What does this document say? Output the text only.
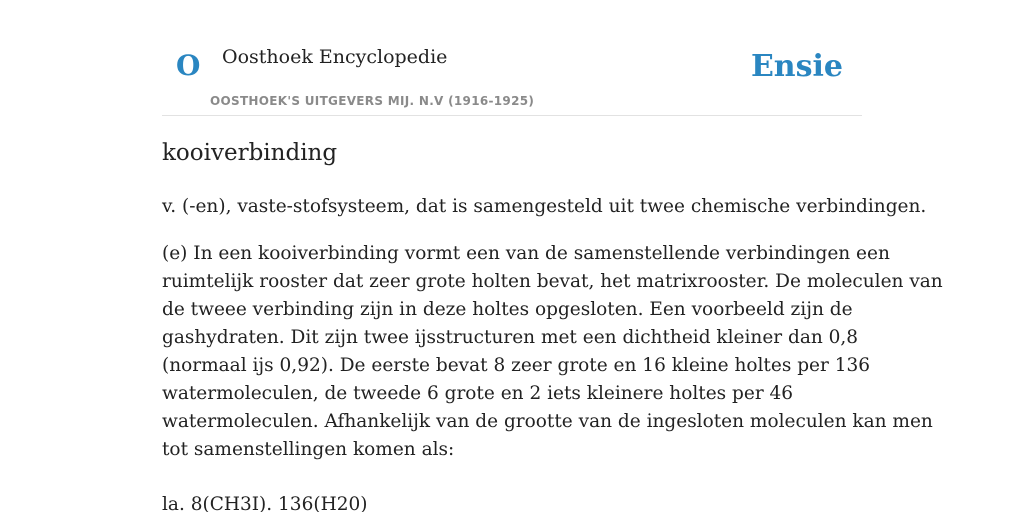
O Oosthoek Encyclopedie
OOSTHOEK'S UITGEVERS MIJ. N.V (1916-1925)
Ensie
kooiverbinding

v. (-en), vaste-stofsysteem, dat is samengesteld uit twee chemische verbindingen.

(e) In een kooiverbinding vormt een van de samenstellende verbindingen een
ruimtelijk rooster dat zeer grote holten bevat, het matrixrooster. De moleculen van
de tweee verbinding zijn in deze holtes opgesloten. Een voorbeeld zijn de
gashydraten. Dit zijn twee ijsstructuren met een dichtheid kleiner dan 0,8
(normaal ijs 0,92). De eerste bevat 8 zeer grote en 16 kleine holtes per 136
watermoleculen, de tweede 6 grote en 2 iets kleinere holtes per 46
watermoleculen. Afhankelijk van de grootte van de ingesloten moleculen kan men
tot samenstellingen komen als:

la. 8(CH3I). 136(H20)
